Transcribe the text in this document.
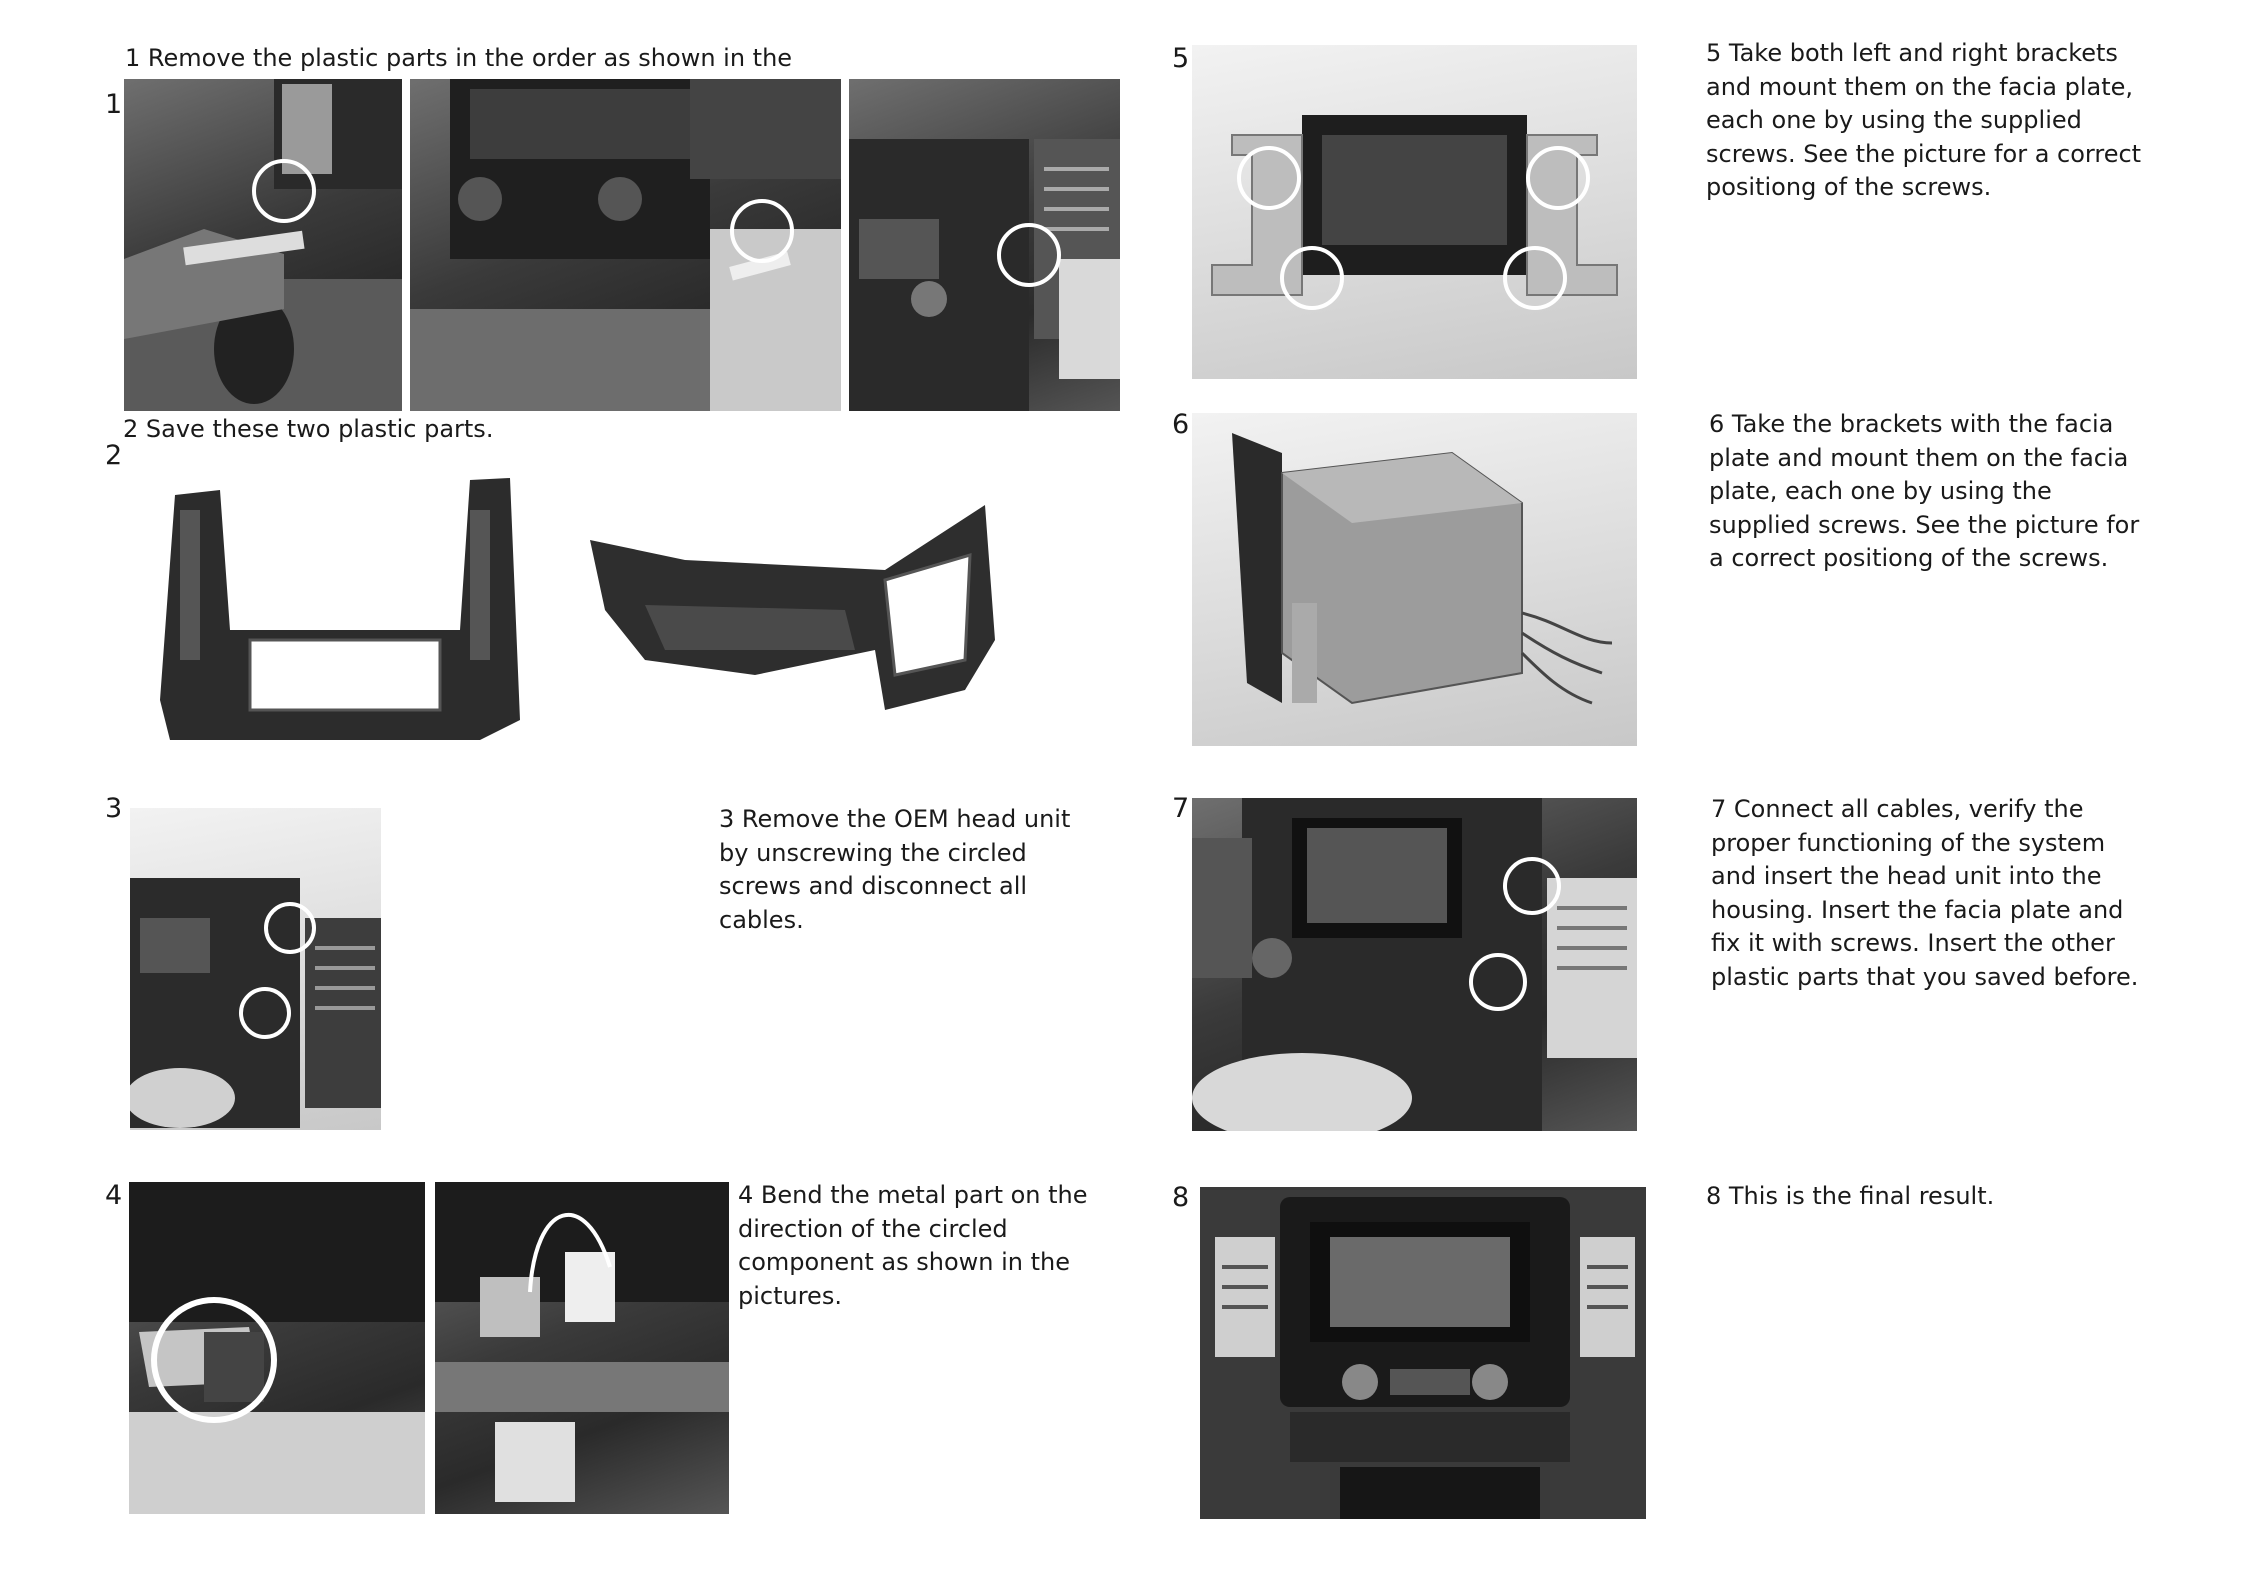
1 Remove the plastic parts in the order as shown in the
1
2 Save these two plastic parts.
2
3	3 Remove the OEM head unit by unscrewing the circled screws and disconnect all cables.
4	4 Bend the metal part on the direction of the circled component as shown in the pictures.
5	5 Take both left and right brackets and mount them on the facia plate, each one by using the supplied screws. See the picture for a correct positiong of the screws.
6	6 Take the brackets with the facia plate and mount them on the facia plate, each one by using the supplied screws. See the picture for a correct positiong of the screws.
7	7 Connect all cables, verify the proper functioning of the system and insert the head unit into the housing. Insert the facia plate and fix it with screws. Insert the other plastic parts that you saved before.
8	8 This is the final result.
